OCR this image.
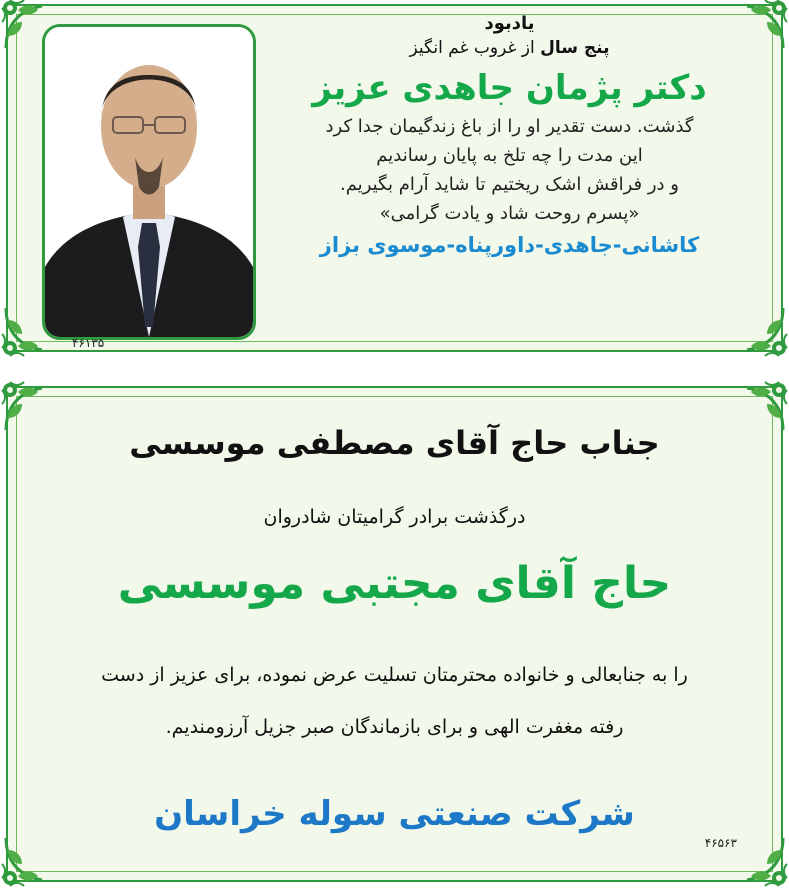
۴۶۱۳۵
یادبود
پنج سال از غروب غم انگیز
دکتر پژمان جاهدی عزیز
گذشت. دست تقدیر او را از باغ زندگیمان جدا کرد
این مدت را چه تلخ به پایان رساندیم
و در فراقش اشک ریختیم تا شاید آرام بگیریم.
«پسرم روحت شاد و یادت گرامی»
کاشانی-جاهدی-داورپناه-موسوی بزاز
جناب حاج آقای مصطفی موسسی
درگذشت برادر گرامیتان شادروان
حاج آقای مجتبی موسسی
را به جنابعالی و خانواده محترمتان تسلیت عرض نموده، برای عزیز از دست
رفته مغفرت الهی و برای بازماندگان صبر جزیل آرزومندیم.
شرکت صنعتی سوله خراسان
۴۶۵۶۳
